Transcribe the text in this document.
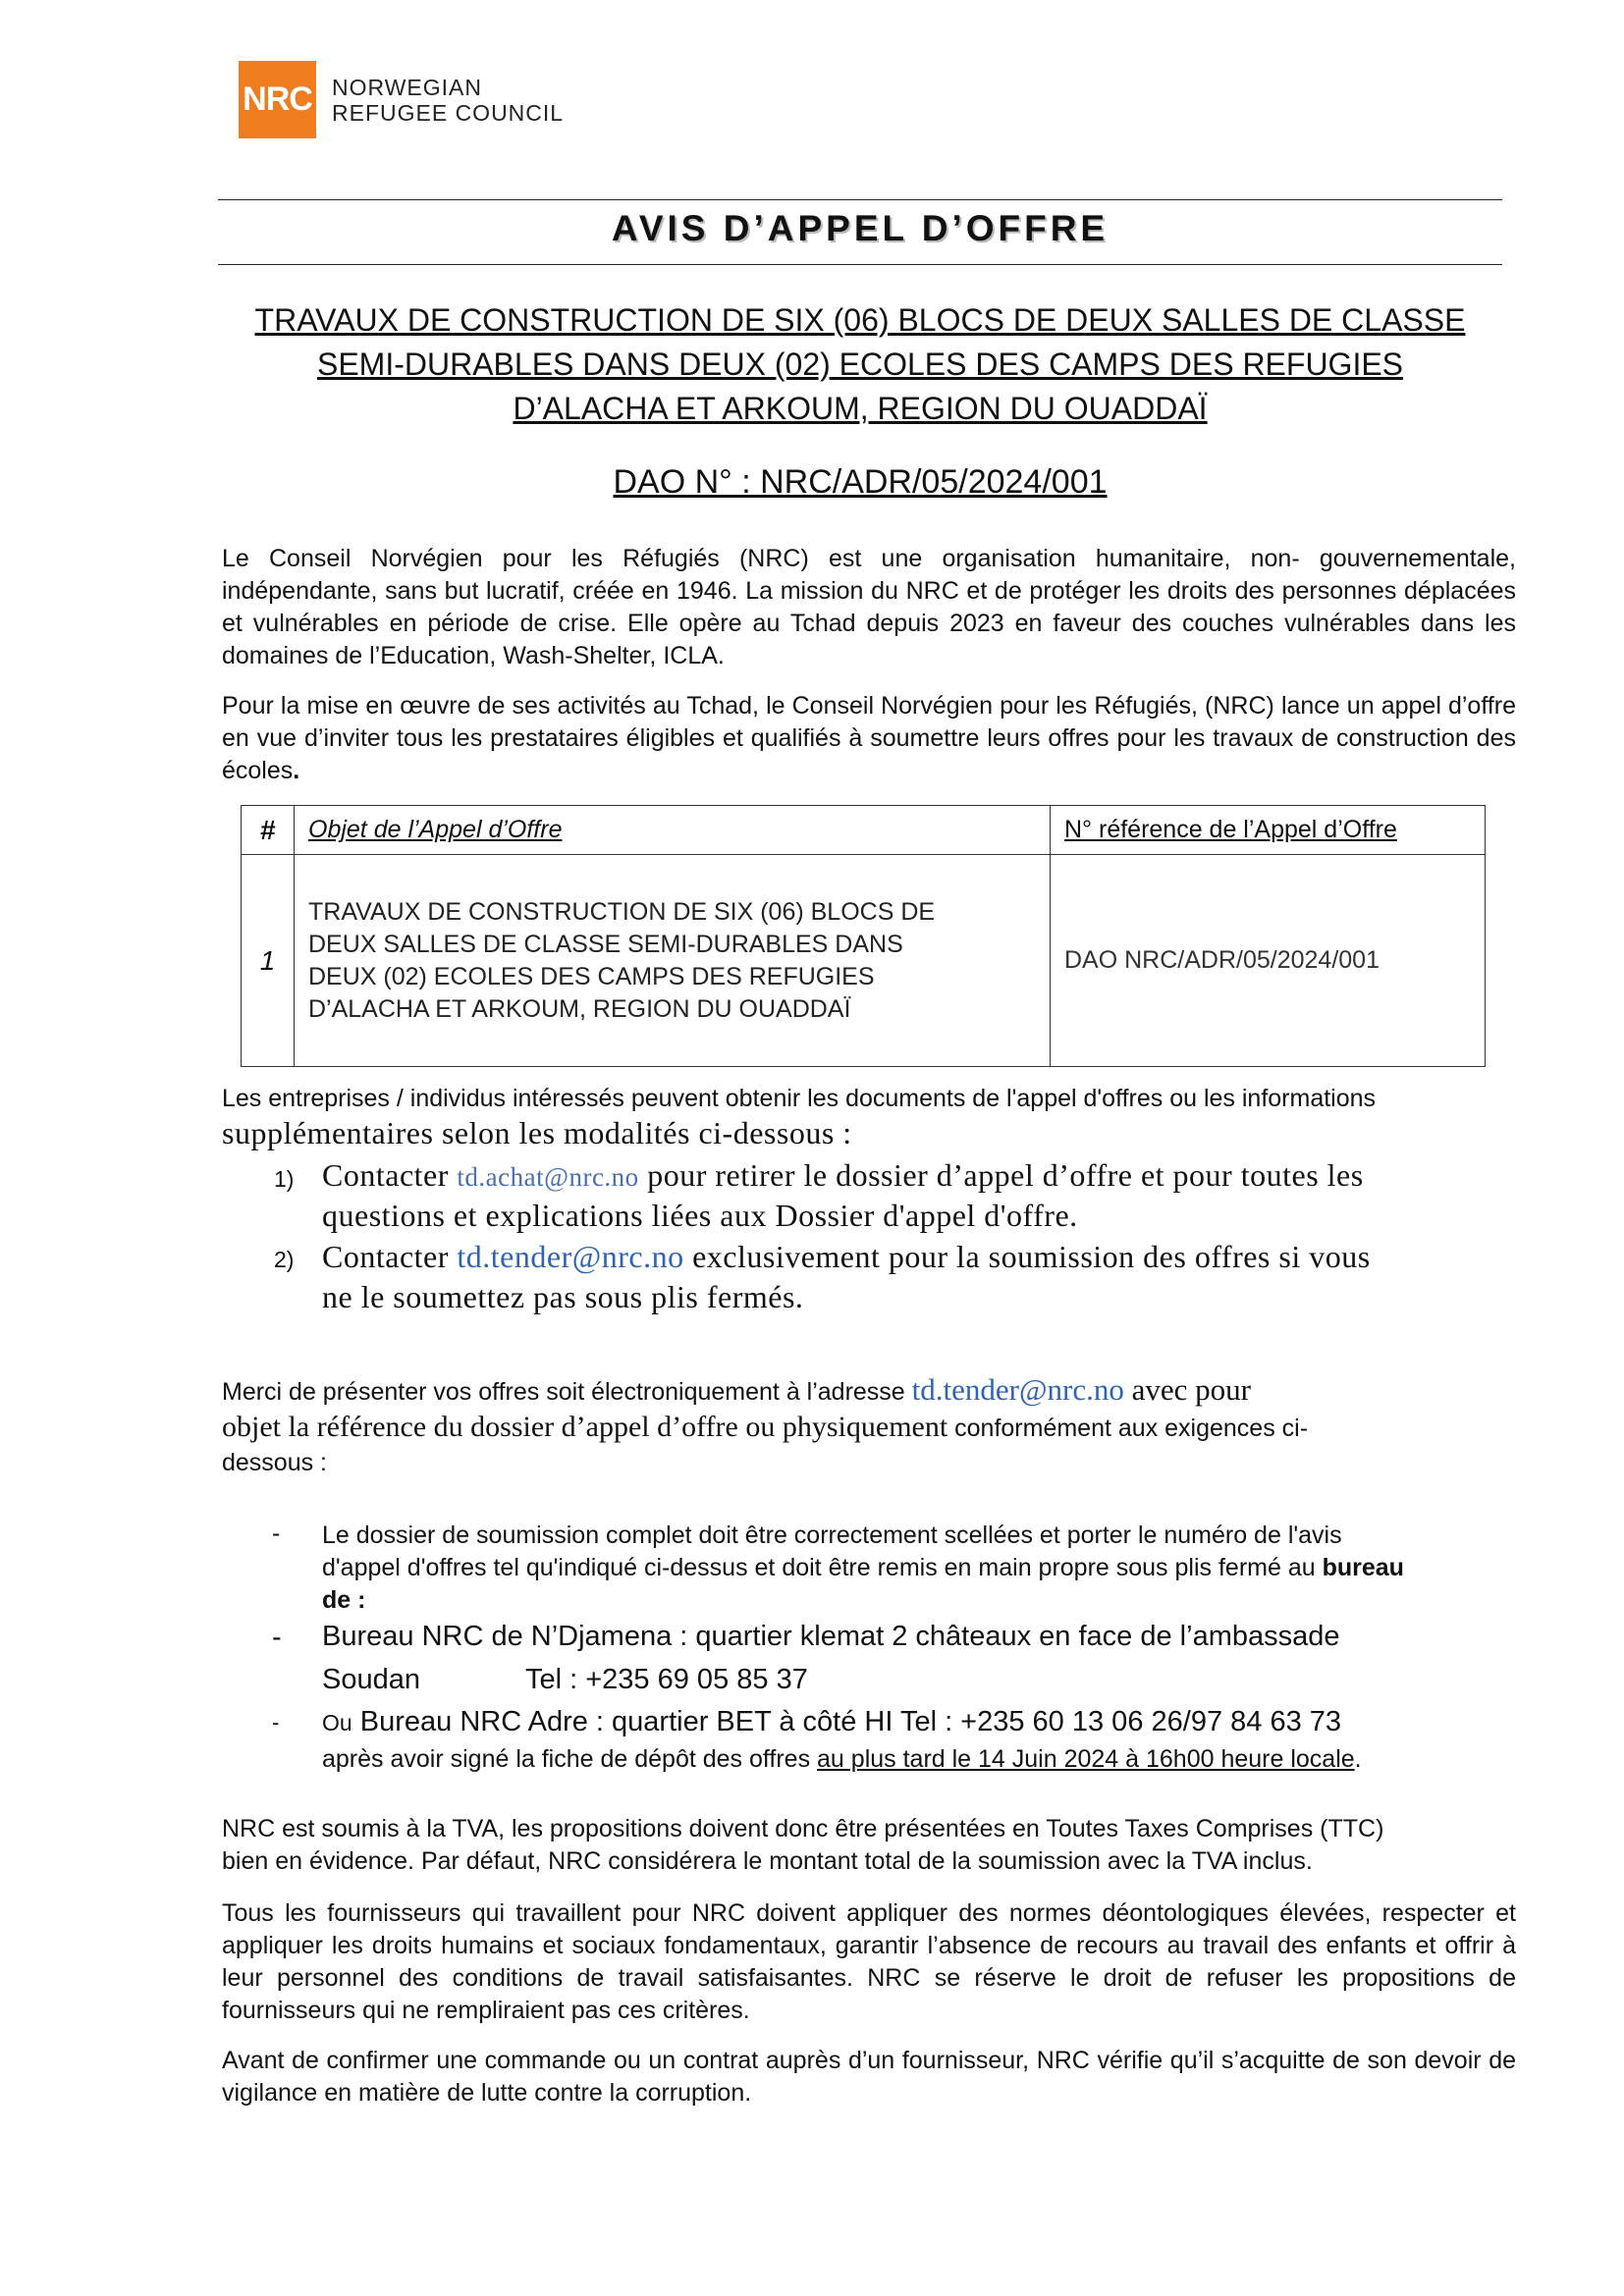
NRC NORWEGIAN
REFUGEE COUNCIL
AVIS D’APPEL D’OFFRE
TRAVAUX DE CONSTRUCTION DE SIX (06) BLOCS DE DEUX SALLES DE CLASSE
SEMI-DURABLES DANS DEUX (02) ECOLES DES CAMPS DES REFUGIES
D’ALACHA ET ARKOUM, REGION DU OUADDAÏ
DAO N° : NRC/ADR/05/2024/001
Le Conseil Norvégien pour les Réfugiés (NRC) est une organisation humanitaire, non- gouvernementale, indépendante, sans but lucratif, créée en 1946. La mission du NRC et de protéger les droits des personnes déplacées et vulnérables en période de crise. Elle opère au Tchad depuis 2023 en faveur des couches vulnérables dans les domaines de l’Education, Wash-Shelter, ICLA.
Pour la mise en œuvre de ses activités au Tchad, le Conseil Norvégien pour les Réfugiés, (NRC) lance un appel d’offre en vue d’inviter tous les prestataires éligibles et qualifiés à soumettre leurs offres pour les travaux de construction des écoles.
#	Objet de l’Appel d’Offre	N° référence de l’Appel d’Offre
1	TRAVAUX DE CONSTRUCTION DE SIX (06) BLOCS DE
DEUX SALLES DE CLASSE SEMI-DURABLES DANS
DEUX (02) ECOLES DES CAMPS DES REFUGIES
D’ALACHA ET ARKOUM, REGION DU OUADDAÏ	DAO NRC/ADR/05/2024/001
Les entreprises / individus intéressés peuvent obtenir les documents de l'appel d'offres ou les informations
supplémentaires selon les modalités ci-dessous :
1) Contacter td.achat@nrc.no pour retirer le dossier d’appel d’offre et pour toutes les
questions et explications liées aux Dossier d'appel d'offre.
2) Contacter td.tender@nrc.no exclusivement pour la soumission des offres si vous
ne le soumettez pas sous plis fermés.
Merci de présenter vos offres soit électroniquement à l’adresse td.tender@nrc.no avec pour
objet la référence du dossier d’appel d’offre ou physiquement conformément aux exigences ci-
dessous :
- Le dossier de soumission complet doit être correctement scellées et porter le numéro de l'avis
d'appel d'offres tel qu'indiqué ci-dessus et doit être remis en main propre sous plis fermé au bureau
de :
- Bureau NRC de N’Djamena : quartier klemat 2 châteaux en face de l’ambassade
Soudan	Tel : +235 69 05 85 37
- Ou Bureau NRC Adre : quartier BET à côté HI Tel : +235 60 13 06 26/97 84 63 73
après avoir signé la fiche de dépôt des offres au plus tard le 14 Juin 2024 à 16h00 heure locale.
NRC est soumis à la TVA, les propositions doivent donc être présentées en Toutes Taxes Comprises (TTC)
bien en évidence. Par défaut, NRC considérera le montant total de la soumission avec la TVA inclus.
Tous les fournisseurs qui travaillent pour NRC doivent appliquer des normes déontologiques élevées, respecter et appliquer les droits humains et sociaux fondamentaux, garantir l’absence de recours au travail des enfants et offrir à leur personnel des conditions de travail satisfaisantes. NRC se réserve le droit de refuser les propositions de fournisseurs qui ne rempliraient pas ces critères.
Avant de confirmer une commande ou un contrat auprès d’un fournisseur, NRC vérifie qu’il s’acquitte de son devoir de vigilance en matière de lutte contre la corruption.
